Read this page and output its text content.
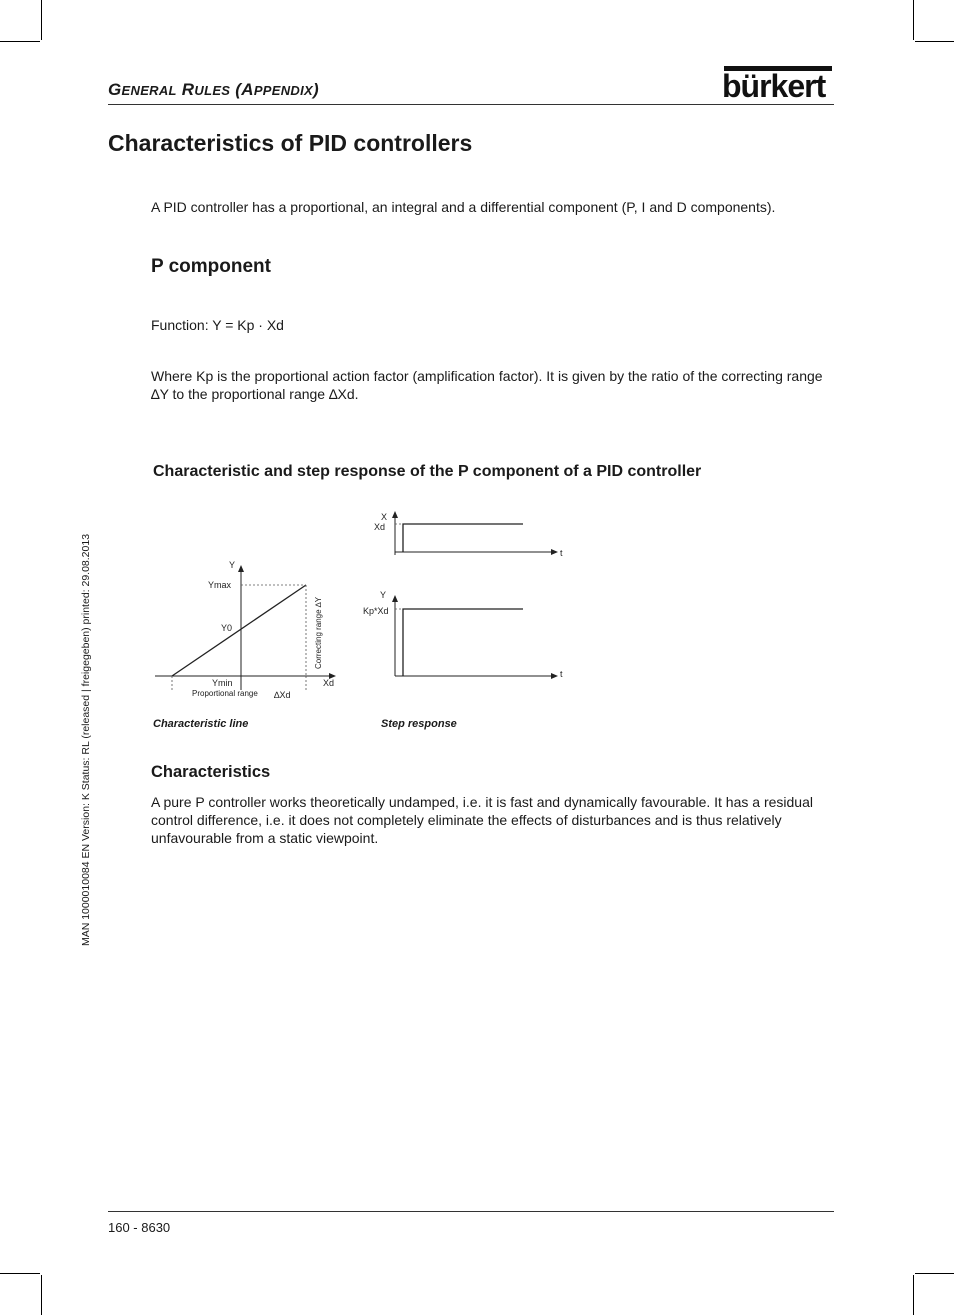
GENERAL RULES (APPENDIX)	bürkert
Characteristics of PID controllers
A PID controller has a proportional, an integral and a differential component (P, I and D components).
P component
Function: Y = Kp · Xd
Where Kp is the proportional action factor (amplification factor). It is given by the ratio of the correcting range ∆Y to the proportional range ∆Xd.
Characteristic and step response of the P component of a PID controller
Y
Ymax
Y0
Ymin	Xd
Proportional range ∆Xd
Correcting range ∆Y
X
Xd
t
Y
Kp*Xd
t
Characteristic line	Step response
Characteristics
A pure P controller works theoretically undamped, i.e. it is fast and dynamically favourable. It has a residual control difference, i.e. it does not completely eliminate the effects of disturbances and is thus relatively unfavourable from a static viewpoint.
MAN 1000010084 EN Version: K Status: RL (released | freigegeben) printed: 29.08.2013
160 - 8630
